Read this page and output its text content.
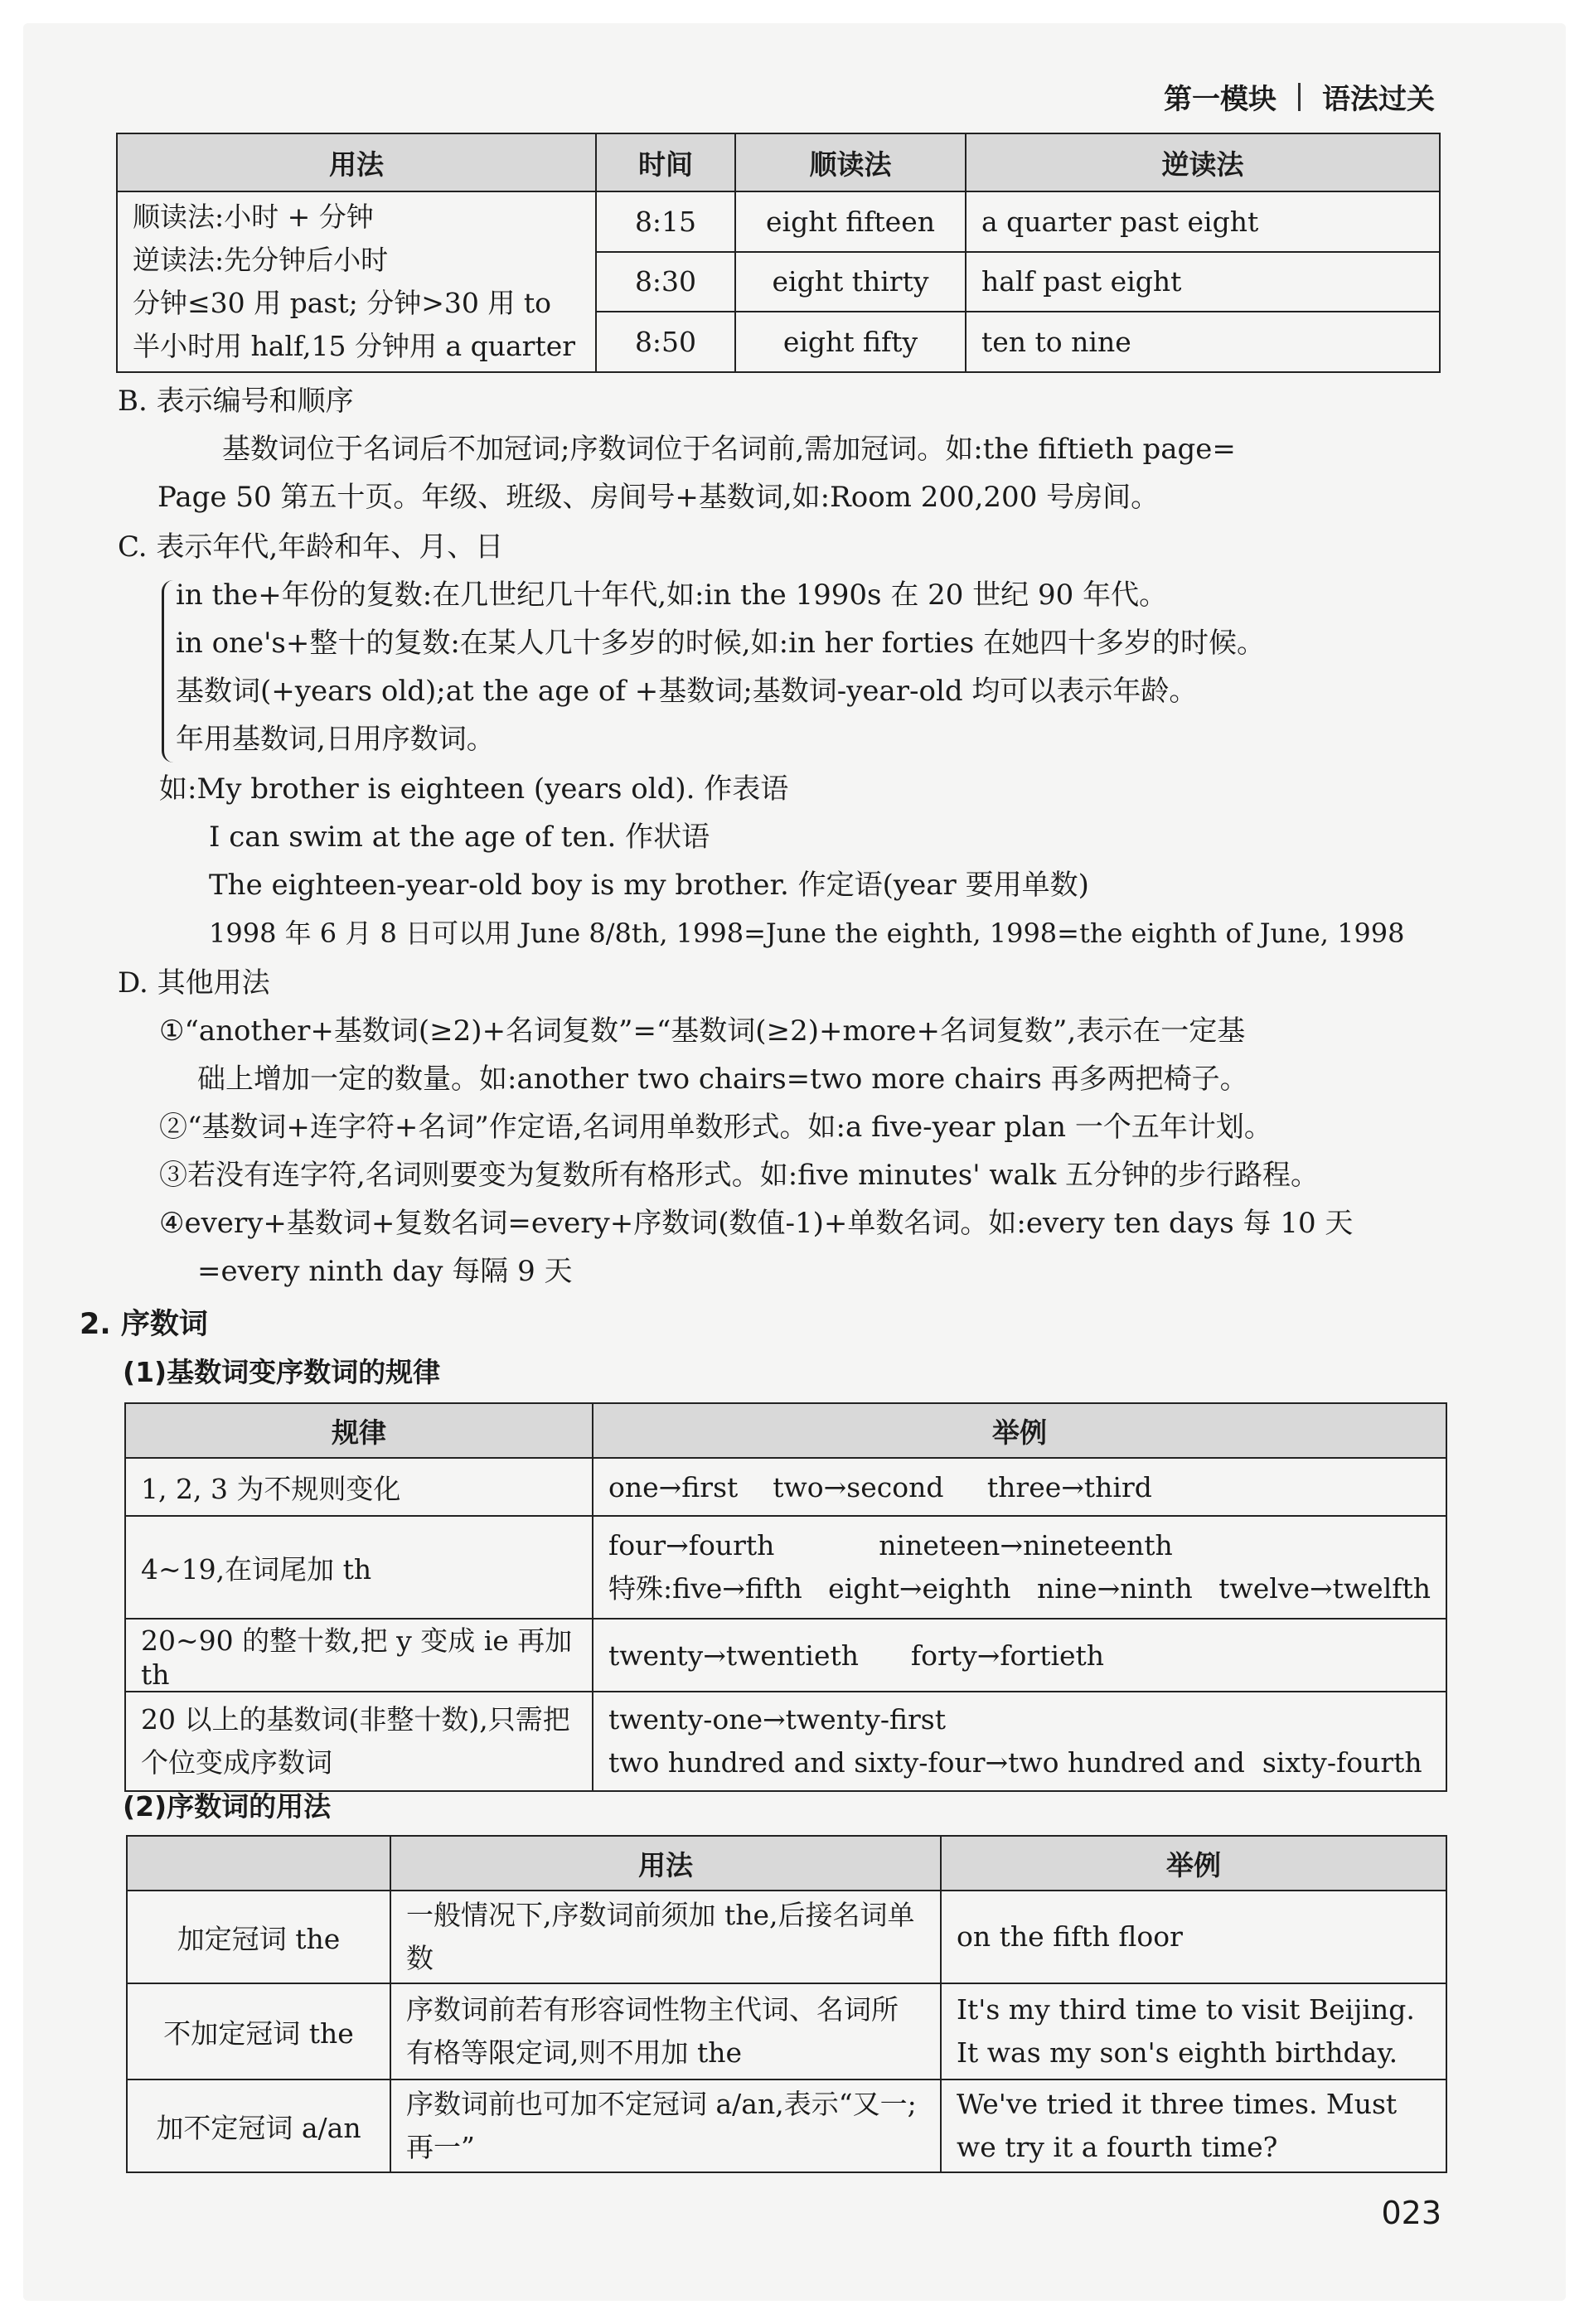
第一模块 语法过关
用法	时间	顺读法	逆读法

顺读法:小时 + 分钟
逆读法:先分钟后小时
分钟≤30 用 past; 分钟>30 用 to
半小时用 half,15 分钟用 a quarter	8:15	eight fifteen	a quarter past eight
	8:30	eight thirty	half past eight
	8:50	eight fifty	ten to nine
B. 表示编号和顺序
基数词位于名词后不加冠词;序数词位于名词前,需加冠词。如:the fiftieth page=
Page 50 第五十页。年级、班级、房间号+基数词,如:Room 200,200 号房间。
C. 表示年代,年龄和年、月、日
in the+年份的复数:在几世纪几十年代,如:in the 1990s 在 20 世纪 90 年代。
in one's+整十的复数:在某人几十多岁的时候,如:in her forties 在她四十多岁的时候。
基数词(+years old);at the age of +基数词;基数词-year-old 均可以表示年龄。
年用基数词,日用序数词。
如:My brother is eighteen (years old). 作表语
I can swim at the age of ten. 作状语
The eighteen-year-old boy is my brother. 作定语(year 要用单数)
1998 年 6 月 8 日可以用 June 8/8th, 1998=June the eighth, 1998=the eighth of June, 1998
D. 其他用法
①“another+基数词(≥2)+名词复数”=“基数词(≥2)+more+名词复数”,表示在一定基
础上增加一定的数量。如:another two chairs=two more chairs 再多两把椅子。
②“基数词+连字符+名词”作定语,名词用单数形式。如:a five-year plan 一个五年计划。
③若没有连字符,名词则要变为复数所有格形式。如:five minutes' walk 五分钟的步行路程。
④every+基数词+复数名词=every+序数词(数值-1)+单数名词。如:every ten days 每 10 天
=every ninth day 每隔 9 天
2. 序数词
(1)基数词变序数词的规律
规律	举例
1, 2, 3 为不规则变化	one→first    two→second     three→third

4~19,在词尾加 th	four→fourth            nineteen→nineteenth
特殊:five→fifth   eight→eighth   nine→ninth   twelve→twelfth

20~90 的整十数,把 y 变成 ie 再加 th	twenty→twentieth      forty→fortieth

20 以上的基数词(非整十数),只需把个位变成序数词	twenty-one→twenty-first
two hundred and sixty-four→two hundred and  sixty-fourth
(2)序数词的用法
	用法	举例
加定冠词 the	一般情况下,序数词前须加 the,后接名词单数	on the fifth floor

不加定冠词 the	序数词前若有形容词性物主代词、名词所有格等限定词,则不用加 the	It's my third time to visit Beijing.
It was my son's eighth birthday.

加不定冠词 a/an	序数词前也可加不定冠词 a/an,表示“又一;再一”	We've tried it three times. Must we try it a fourth time?
023
